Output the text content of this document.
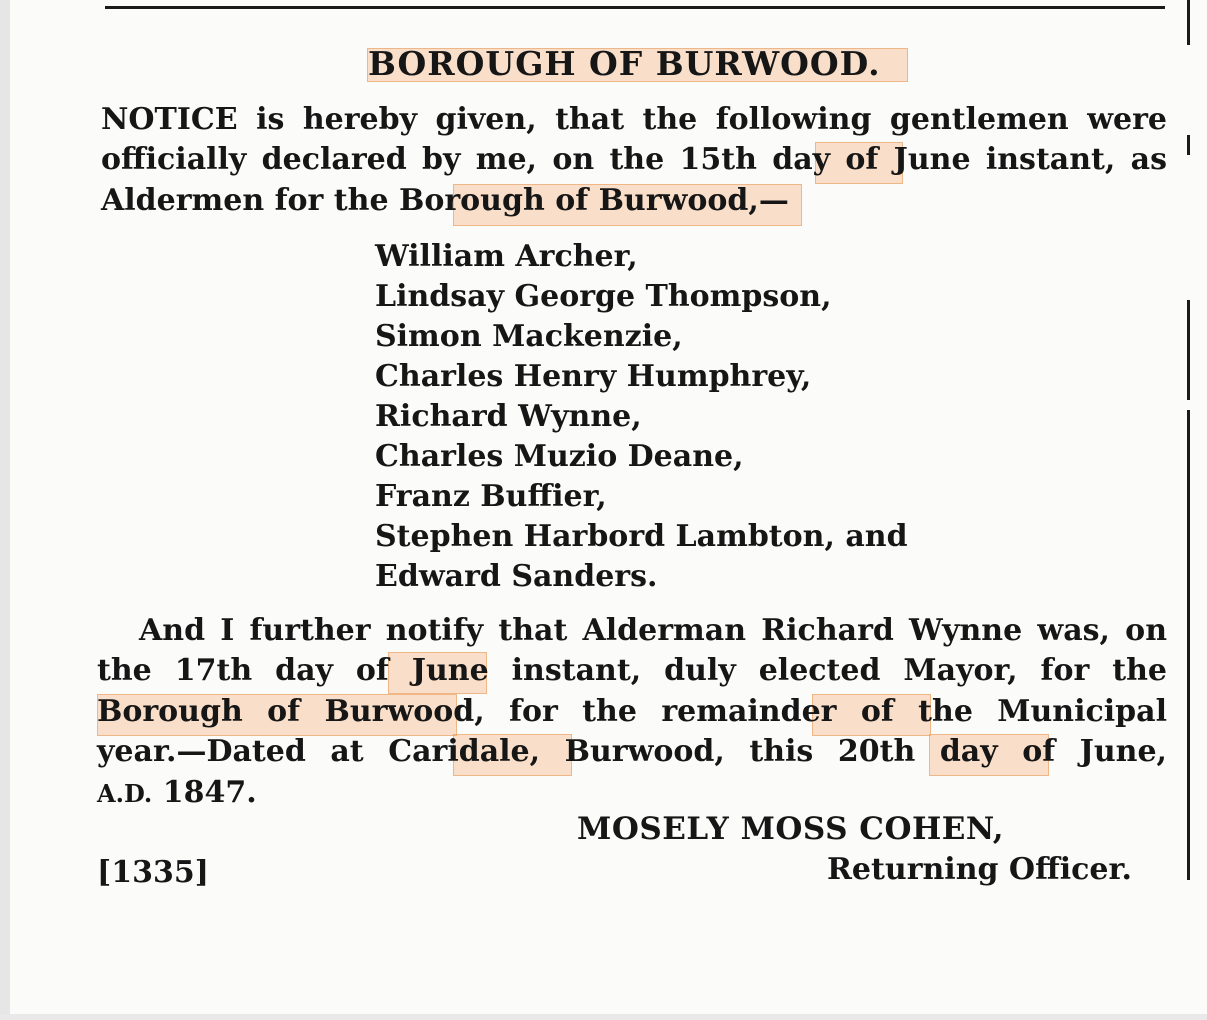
BOROUGH OF BURWOOD.
NOTICE is hereby given, that the following gentlemen were
officially declared by me, on the 15th day of June instant, as
Aldermen for the Borough of Burwood,—
William Archer,
Lindsay George Thompson,
Simon Mackenzie,
Charles Henry Humphrey,
Richard Wynne,
Charles Muzio Deane,
Franz Buffier,
Stephen Harbord Lambton, and
Edward Sanders.
And I further notify that Alderman Richard Wynne was, on
the 17th day of June instant, duly elected Mayor, for the
Borough of Burwood, for the remainder of the Municipal
year.—Dated at Caridale, Burwood, this 20th day of June,
A.D. 1847.
MOSELY MOSS COHEN,
Returning Officer.
[1335]
